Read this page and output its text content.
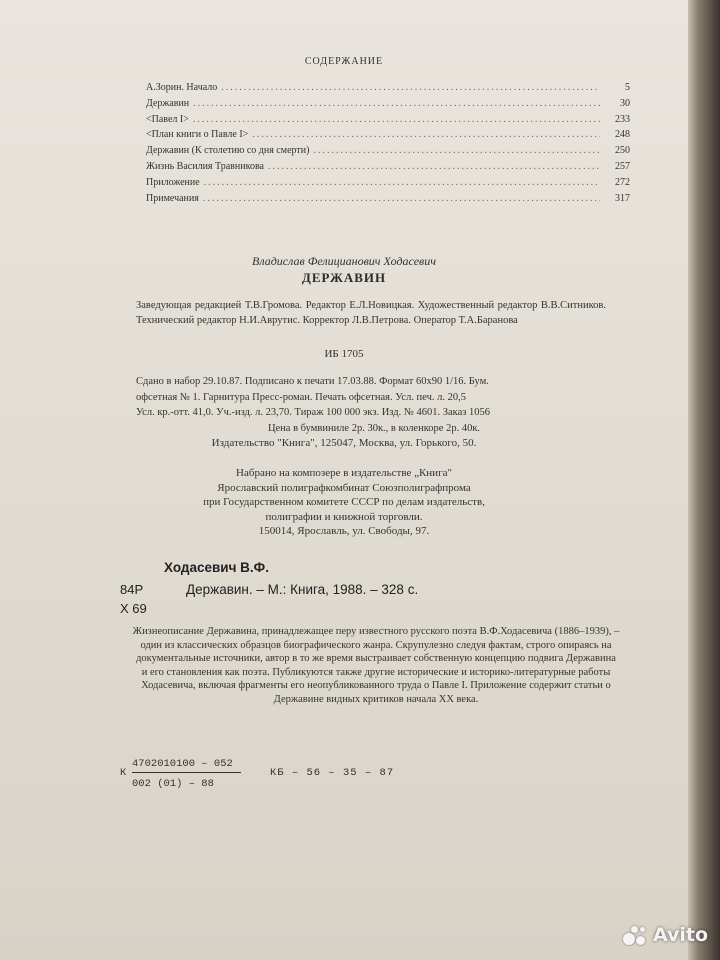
СОДЕРЖАНИЕ
А.Зорин. Начало .....	5
Державин .....	30
<Павел I> .....	233
<План книги о Павле I> .....	248
Державин (К столетию со дня смерти) .....	250
Жизнь Василия Травникова .....	257
Приложение .....	272
Примечания .....	317
Владислав Фелицианович Ходасевич
ДЕРЖАВИН
Заведующая редакцией Т.В.Громова. Редактор Е.Л.Новицкая. Художественный редактор В.В.Ситников. Технический редактор Н.И.Аврутис. Корректор Л.В.Петрова. Оператор Т.А.Баранова
ИБ 1705
Сдано в набор 29.10.87. Подписано к печати 17.03.88. Формат 60х90 1/16. Бум.
офсетная № 1. Гарнитура Пресс-роман. Печать офсетная. Усл. печ. л. 20,5
Усл. кр.-отт. 41,0. Уч.-изд. л. 23,70. Тираж 100 000 экз. Изд. № 4601. Заказ 1056
Цена в бумвиниле 2р. 30к., в коленкоре 2р. 40к.
Издательство "Книга", 125047, Москва, ул. Горького, 50.
Набрано на композере в издательстве „Книга"
Ярославский полиграфкомбинат Союзполиграфпрома
при Государственном комитете СССР по делам издательств,
полиграфии и книжной торговли.
150014, Ярославль, ул. Свободы, 97.
Ходасевич В.Ф.
84Р
Х 69
Державин. – М.: Книга, 1988. – 328 с.
Жизнеописание Державина, принадлежащее перу известного русского поэта В.Ф.Ходасевича (1886–1939), – один из классических образцов биографического жанра. Скрупулезно следуя фактам, строго опираясь на документальные источники, автор в то же время выстраивает собственную концепцию подвига Державина и его становления как поэта. Публикуются также другие исторические и историко-литературные работы Ходасевича, включая фрагменты его неопубликованного труда о Павле I. Приложение содержит статьи о Державине видных критиков начала XX века.
К
4702010100 – 052
002 (01) – 88
КБ – 56 – 35 – 87
Avito
